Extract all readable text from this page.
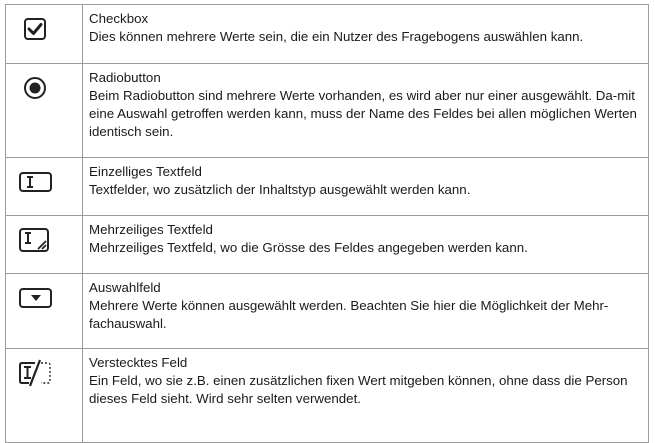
Checkbox
Dies können mehrere Werte sein, die ein Nutzer des Fragebogens auswählen kann.

Radiobutton
Beim Radiobutton sind mehrere Werte vorhanden, es wird aber nur einer ausgewählt. Da-mit eine Auswahl getroffen werden kann, muss der Name des Feldes bei allen möglichen Werten identisch sein.

Einzelliges Textfeld
Textfelder, wo zusätzlich der Inhaltstyp ausgewählt werden kann.

Mehrzeiliges Textfeld
Mehrzeiliges Textfeld, wo die Grösse des Feldes angegeben werden kann.

Auswahlfeld
Mehrere Werte können ausgewählt werden. Beachten Sie hier die Möglichkeit der Mehr-fachauswahl.

Verstecktes Feld
Ein Feld, wo sie z.B. einen zusätzlichen fixen Wert mitgeben können, ohne dass die Person dieses Feld sieht. Wird sehr selten verwendet.
